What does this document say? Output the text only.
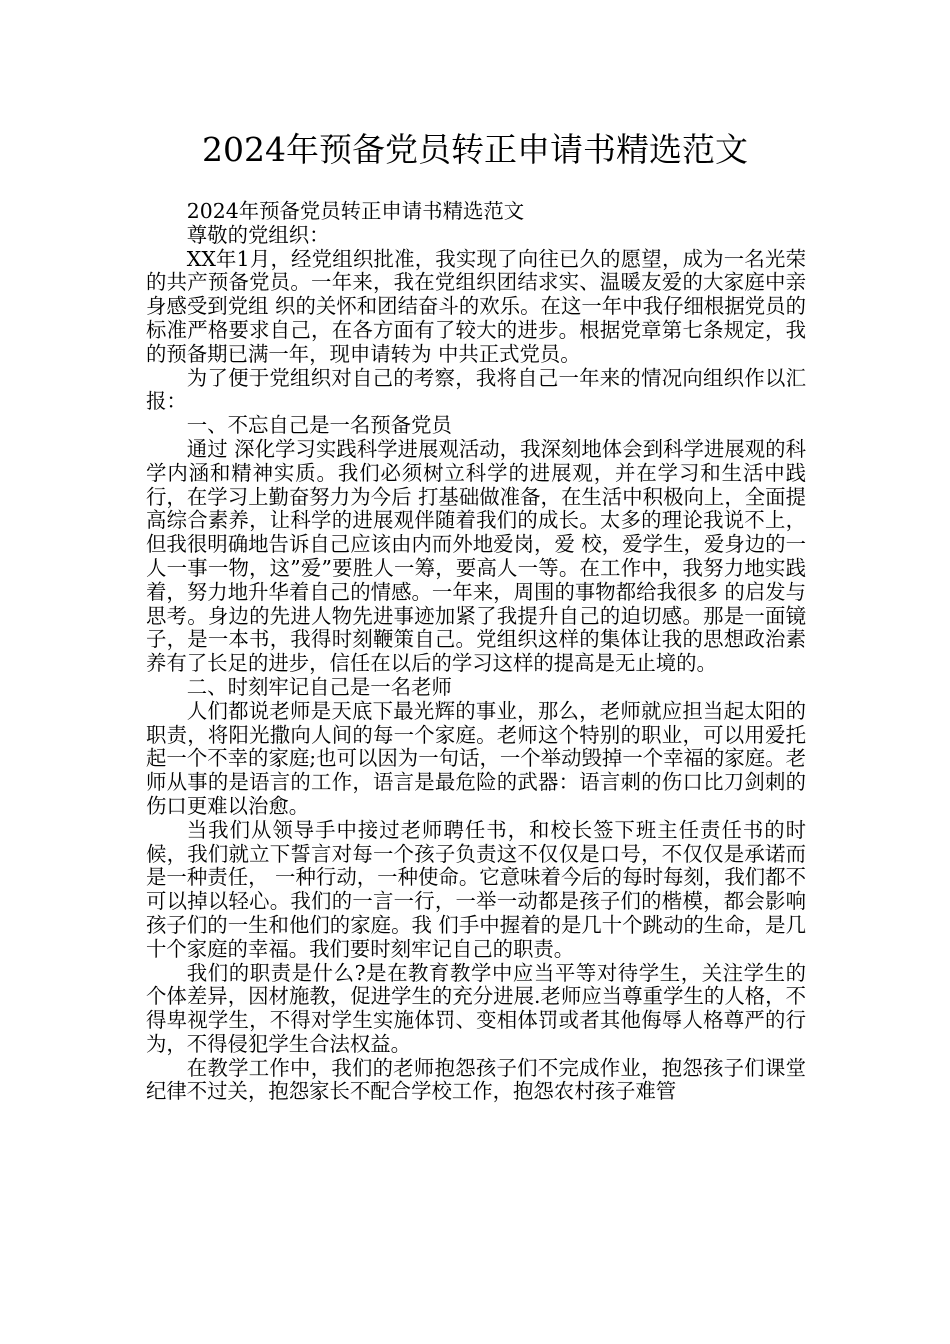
2024年预备党员转正申请书精选范文

2024年预备党员转正申请书精选范文

尊敬的党组织：

XX年1月，经党组织批准，我实现了向往已久的愿望，成为一名光荣的共产预备党员。一年来，我在党组织团结求实、温暖友爱的大家庭中亲身感受到党组 织的关怀和团结奋斗的欢乐。在这一年中我仔细根据党员的标准严格要求自己，在各方面有了较大的进步。根据党章第七条规定，我的预备期已满一年，现申请转为 中共正式党员。

为了便于党组织对自己的考察，我将自己一年来的情况向组织作以汇报：

一、不忘自己是一名预备党员

通过 深化学习实践科学进展观活动，我深刻地体会到科学进展观的科学内涵和精神实质。我们必须树立科学的进展观，并在学习和生活中践行，在学习上勤奋努力为今后 打基础做准备，在生活中积极向上，全面提高综合素养，让科学的进展观伴随着我们的成长。太多的理论我说不上，但我很明确地告诉自己应该由内而外地爱岗，爱 校，爱学生，爱身边的一人一事一物，这”爱”要胜人一筹，要高人一等。在工作中，我努力地实践着，努力地升华着自己的情感。一年来，周围的事物都给我很多 的启发与思考。身边的先进人物先进事迹加紧了我提升自己的迫切感。那是一面镜子，是一本书，我得时刻鞭策自己。党组织这样的集体让我的思想政治素养有了长足的进步，信任在以后的学习这样的提高是无止境的。

二、时刻牢记自己是一名老师

人们都说老师是天底下最光辉的事业，那么，老师就应担当起太阳的职责，将阳光撒向人间的每一个家庭。老师这个特别的职业，可以用爱托起一个不幸的家庭;也可以因为一句话，一个举动毁掉一个幸福的家庭。老师从事的是语言的工作，语言是最危险的武器：语言刺的伤口比刀剑刺的伤口更难以治愈。

当我们从领导手中接过老师聘任书，和校长签下班主任责任书的时候，我们就立下誓言对每一个孩子负责这不仅仅是口号，不仅仅是承诺而是一种责任， 一种行动，一种使命。它意味着今后的每时每刻，我们都不可以掉以轻心。我们的一言一行，一举一动都是孩子们的楷模，都会影响孩子们的一生和他们的家庭。我 们手中握着的是几十个跳动的生命，是几十个家庭的幸福。我们要时刻牢记自己的职责。

我们的职责是什么?是在教育教学中应当平等对待学生，关注学生的个体差异，因材施教，促进学生的充分进展.老师应当尊重学生的人格，不得卑视学生，不得对学生实施体罚、变相体罚或者其他侮辱人格尊严的行为，不得侵犯学生合法权益。

在教学工作中，我们的老师抱怨孩子们不完成作业，抱怨孩子们课堂纪律不过关，抱怨家长不配合学校工作，抱怨农村孩子难管
